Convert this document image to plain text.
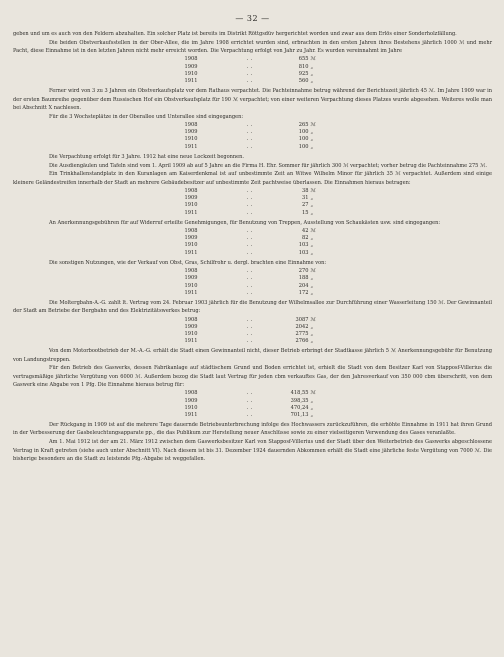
— 32 —

geben und um es auch von den Feldern abzuhalten. Ein solcher Platz ist bereits im Distrikt Röttgsdüv hergerichtet worden und zwar aus dem Erlös einer Sonderholzfällung.

Die beiden Obstverkaufsstellen in der Ober-Allee, die im Jahre 1908 errichtet wurden sind, erbrachten in den ersten Jahren ihres Bestehens jährlich 1000 ℳ und mehr Pacht, diese Einnahme ist in den letzten Jahren nicht mehr erreicht worden. Die Verpachtung erfolgt von Jahr zu Jahr. Es wurden vereinnahmt im Jahre

1908	. .	655 ℳ
1909	. .	810 „
1910	. .	925 „
1911	. .	560 „

Ferner wird von 3 zu 3 Jahren ein Obstverkaufsplatz vor dem Rathaus verpachtet. Die Pachteinnahme betrug während der Berichtszeit jährlich 45 ℳ. Im Jahre 1909 war in der ersten Baumreihe gegenüber dem Russischen Hof ein Obstverkaufsplatz für 190 ℳ verpachtet; von einer weiteren Verpachtung dieses Platzes wurde abgesehen. Weiteres wolle man bei Abschnitt X nachlesen.

Für die 3 Wochsteplätze in der Oberallee und Unterallee sind eingegangen:

1908	. .	265 ℳ
1909	. .	100 „
1910	. .	100 „
1911	. .	100 „

Die Verpachtung erfolgt für 3 Jahre. 1912 hat eine neue Lockzeit begonnen.

Die Ausdiengäulen und Tafeln sind vom 1. April 1909 ab auf 5 Jahre an die Firma H. Ehr. Sommer für jährlich 300 ℳ verpachtet; vorher betrug die Pachteinnahme 275 ℳ.

Ein Trinkhallenstandplatz in den Kuranlagen am Kaiserdenkmal ist auf unbestimmte Zeit an Witwe Wilhelm Minor für jährlich 35 ℳ verpachtet. Außerdem sind einige kleinere Geländestreifen innerhalb der Stadt an mehrere Gebäudebesitzer auf unbestimmte Zeit pachtweise überlassen. Die Einnahmen hieraus betragen:

1908	. .	38 ℳ
1909	. .	31 „
1910	. .	27 „
1911	. .	15 „

An Anerkennungsgebühren für auf Widerruf erteilte Genehmigungen, für Benutzung von Treppen, Ausstellung von Schaukästen usw. sind eingegangen:

1908	. .	42 ℳ
1909	. .	82 „
1910	. .	103 „
1911	. .	103 „

Die sonstigen Nutzungen, wie der Verkauf von Obst, Gras, Schilfrohr u. dergl. brachten eine Einnahme von:

1908	. .	270 ℳ
1909	. .	188 „
1910	. .	204 „
1911	. .	172 „

Die Moltergbahn-A.-G. zahlt lt. Vertrag vom 24. Februar 1903 jährlich für die Benutzung der Wilhelmsallee zur Durchführung einer Wasserleitung 150 ℳ. Der Gewinnanteil der Stadt am Betriebe der Bergbahn und des Elektrizitätswerkes betrug:

1908	. .	3087 ℳ
1909	. .	2042 „
1910	. .	2775 „
1911	. .	2766 „

Von dem Motorbootbetrieb der M.-A.-G. erhält die Stadt einen Gewinnanteil nicht, dieser Betrieb erbringt der Stadtkasse jährlich 5 ℳ Anerkennungsgebühr für Benutzung von Landungstreppen.

Für den Betrieb des Gaswerks, dessen Fabrikanlage auf städtischem Grund und Boden errichtet ist, erhielt die Stadt von dem Besitzer Karl von Stapposf-Villerius die vertragsmäßige jährliche Vergütung von 6000 ℳ. Außerdem bezog die Stadt laut Vertrag für jeden cbm verkauftes Gas, der den Jahresverkauf von 350 000 cbm überschritt, von dem Gaswerk eine Abgabe von 1 Pfg. Die Einnahme hieraus betrug für:

1908	. .	418,55 ℳ
1909	. .	398,35 „
1910	. .	470,24 „
1911	. .	701,13 „

Der Rückgang in 1909 ist auf die mehrere Tage dauernde Betriebsunterbrechung infolge des Hochwassers zurückzuführen, die erhöhte Einnahme in 1911 hat ihren Grund in der Verbesserung der Gasbeleuchtungsapparate pp., die das Publikum zur Herstellung neuer Anschlüsse sowie zu einer vielseitigeren Verwendung des Gases veranlaßte.

Am 1. Mai 1912 ist der am 21. März 1912 zwischen dem Gaswerksbesitzer Karl von Stapposf-Villerius und der Stadt über den Weiterbetrieb des Gaswerks abgeschlossene Vertrag in Kraft getreten (siehe auch unter Abschnitt VI). Nach diesem ist bis 31. Dezember 1924 dauernden Abkommen erhält die Stadt eine jährliche feste Vergütung von 7000 ℳ. Die bisherige besondere an die Stadt zu leistende Pfg.-Abgabe ist weggefallen.
